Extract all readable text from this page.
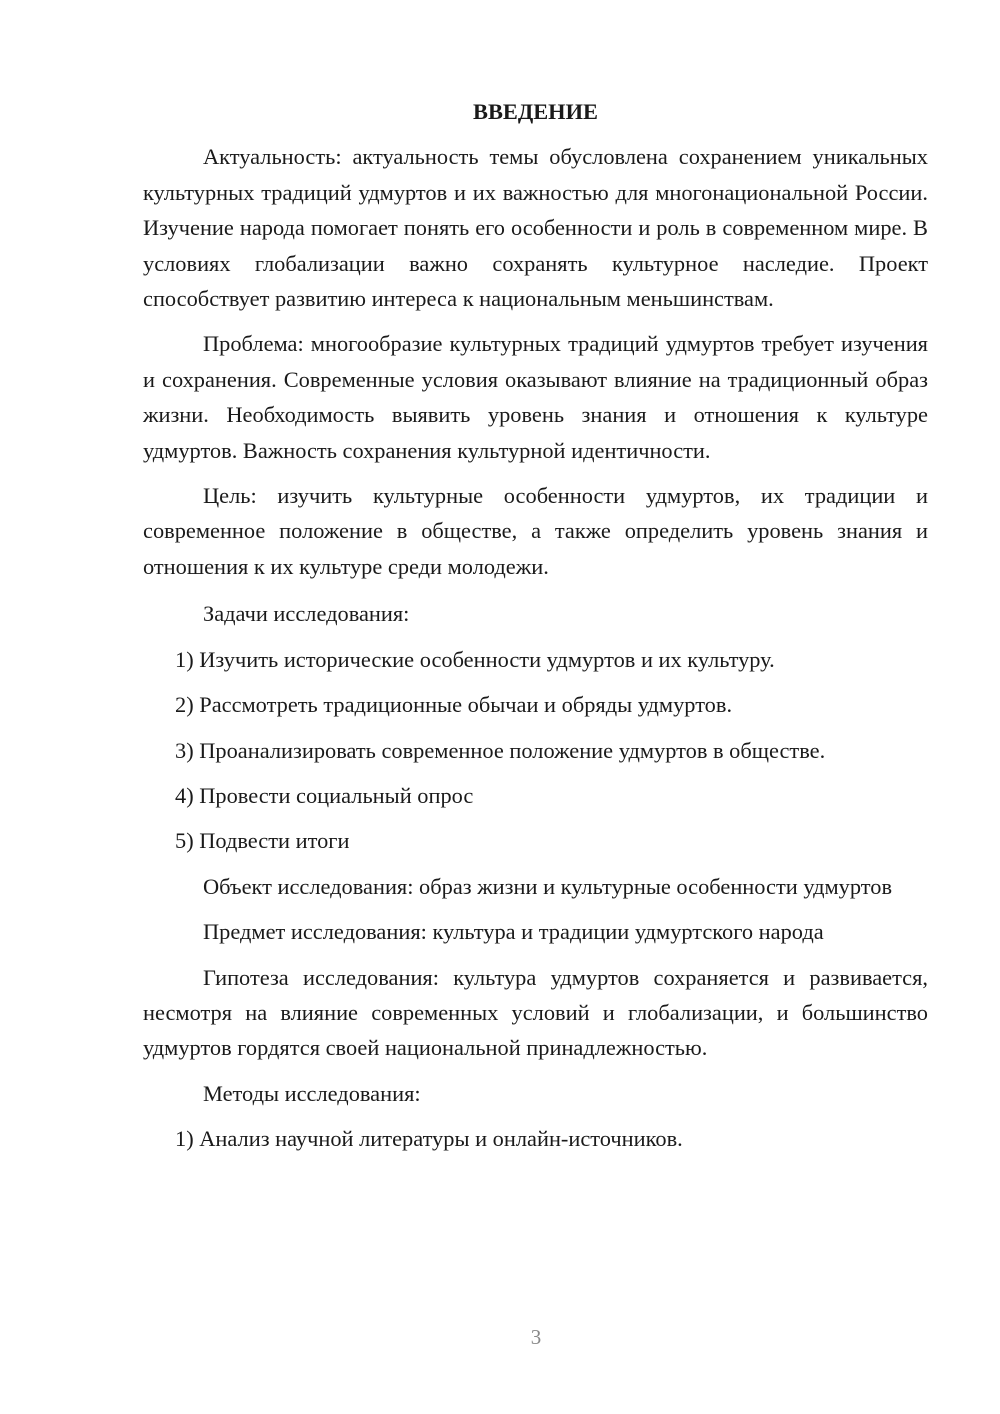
ВВЕДЕНИЕ

Актуальность: актуальность темы обусловлена сохранением уникальных культурных традиций удмуртов и их важностью для многонациональной России. Изучение народа помогает понять его особенности и роль в современном мире. В условиях глобализации важно сохранять культурное наследие. Проект способствует развитию интереса к национальным меньшинствам.

Проблема: многообразие культурных традиций удмуртов требует изучения и сохранения. Современные условия оказывают влияние на традиционный образ жизни. Необходимость выявить уровень знания и отношения к культуре удмуртов. Важность сохранения культурной идентичности.

Цель: изучить культурные особенности удмуртов, их традиции и современное положение в обществе, а также определить уровень знания и отношения к их культуре среди молодежи.

Задачи исследования:

1) Изучить исторические особенности удмуртов и их культуру.
2) Рассмотреть традиционные обычаи и обряды удмуртов.
3) Проанализировать современное положение удмуртов в обществе.
4) Провести социальный опрос
5) Подвести итоги

Объект исследования: образ жизни и культурные особенности удмуртов

Предмет исследования: культура и традиции удмуртского народа

Гипотеза исследования: культура удмуртов сохраняется и развивается, несмотря на влияние современных условий и глобализации, и большинство удмуртов гордятся своей национальной принадлежностью.

Методы исследования:

1) Анализ научной литературы и онлайн-источников.
3
